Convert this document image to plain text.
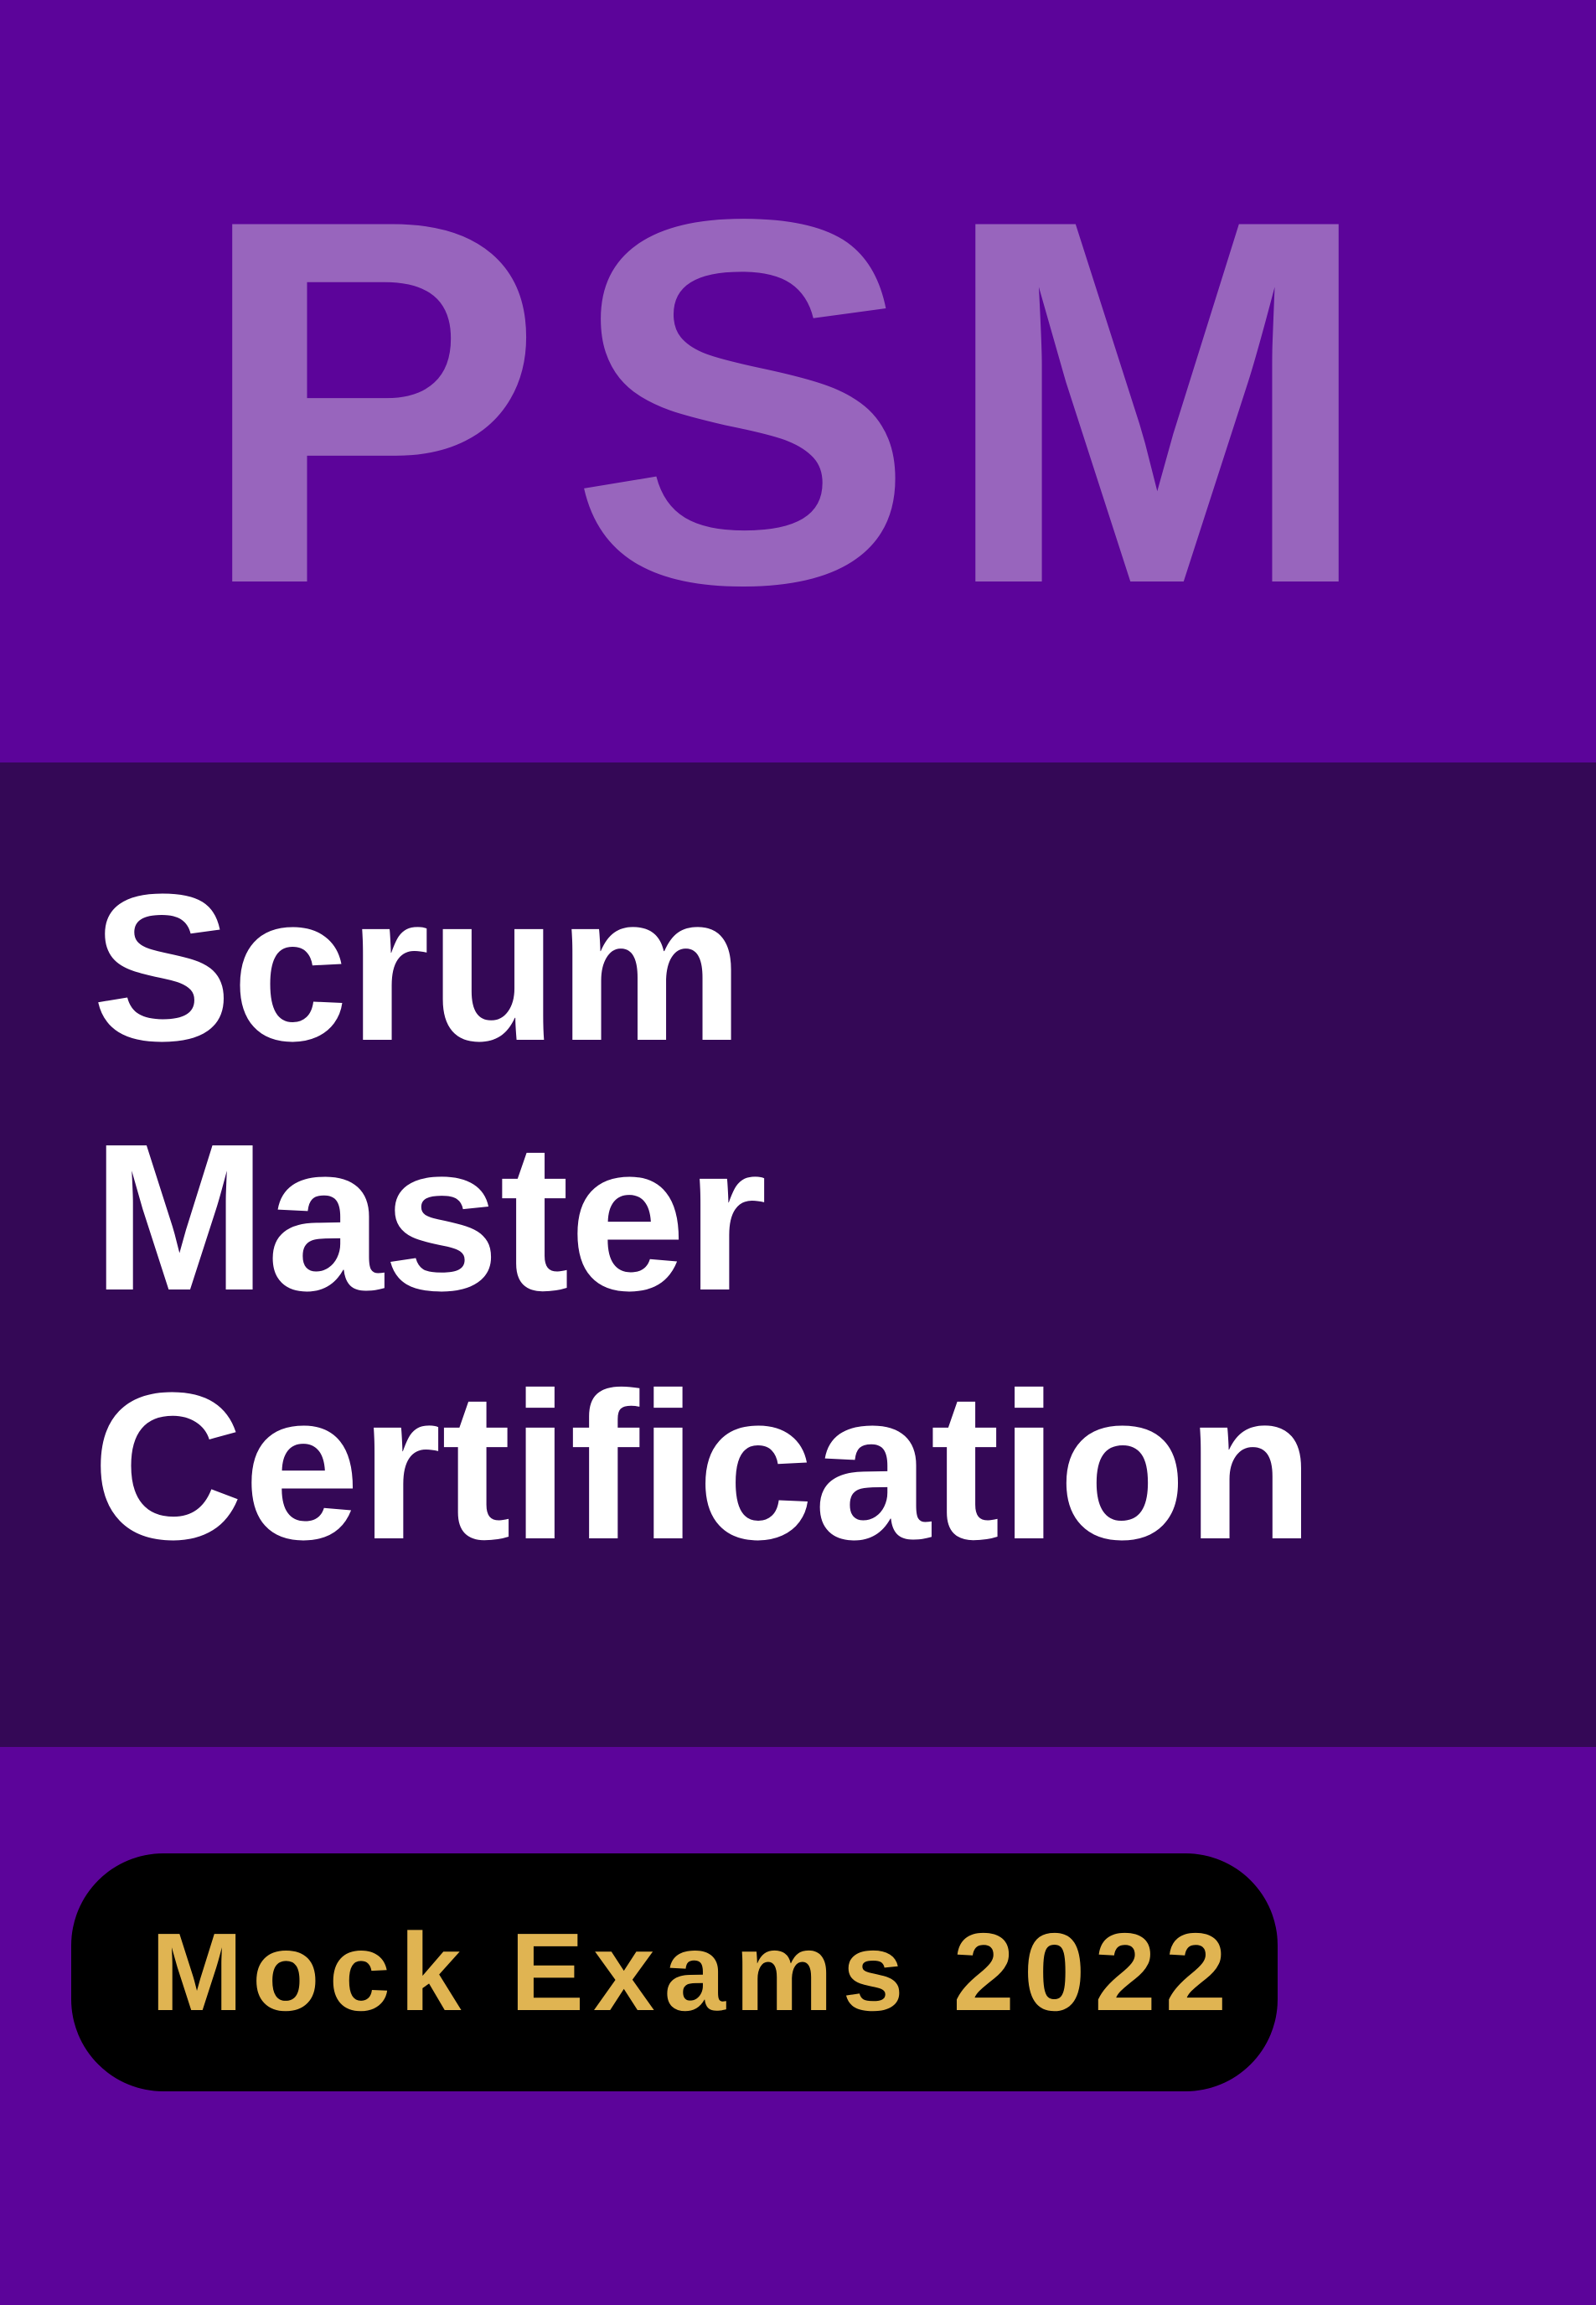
PSM
Scrum
Master
Certification
Mock Exams 2022
